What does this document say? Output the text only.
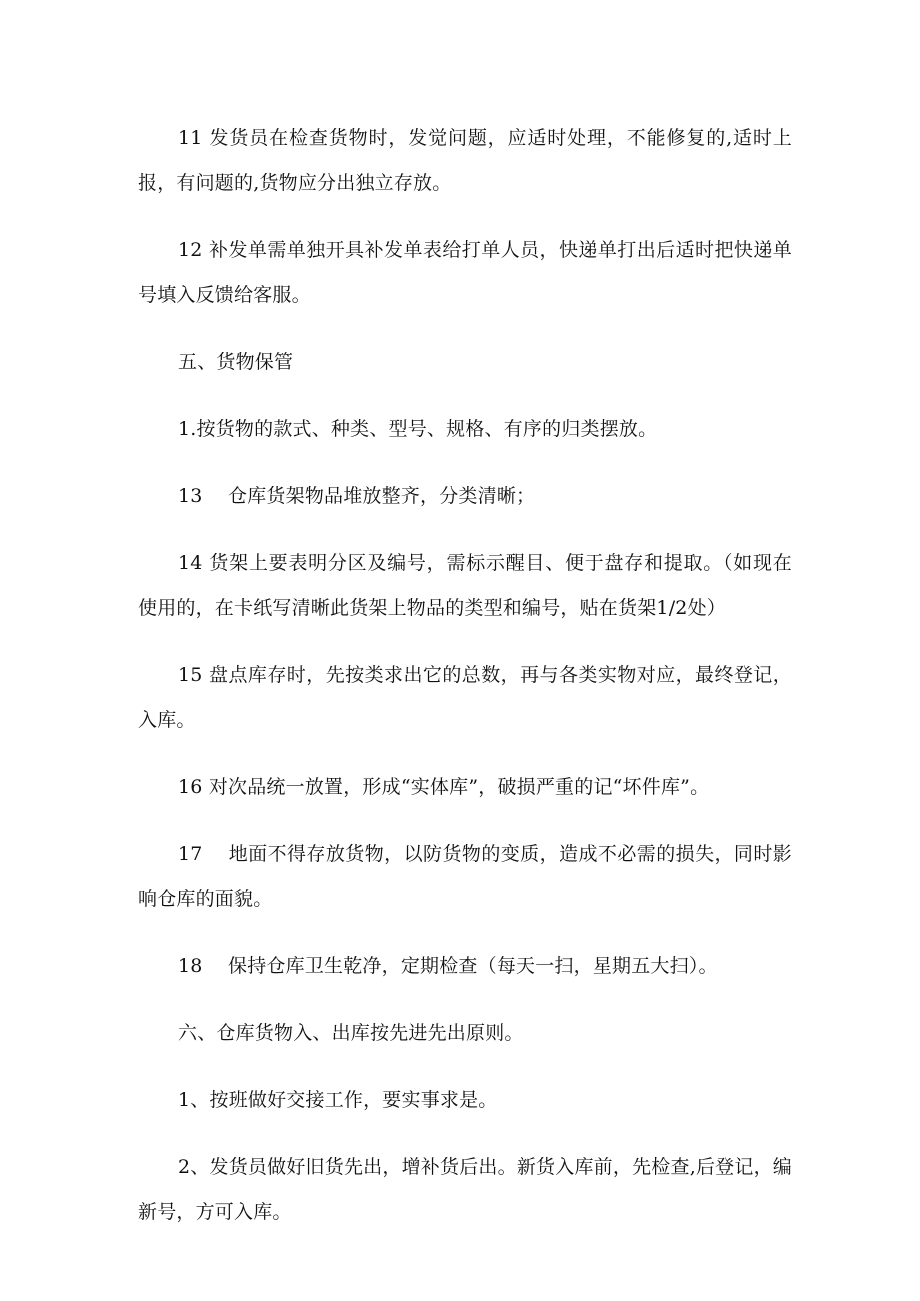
11 发货员在检查货物时，发觉问题，应适时处理，不能修复的,适时上报，有问题的,货物应分出独立存放。

12 补发单需单独开具补发单表给打单人员，快递单打出后适时把快递单号填入反馈给客服。

五、货物保管

1.按货物的款式、种类、型号、规格、有序的归类摆放。

13　 仓库货架物品堆放整齐，分类清晰；

14 货架上要表明分区及编号，需标示醒目、便于盘存和提取。（如现在使用的，在卡纸写清晰此货架上物品的类型和编号，贴在货架1/2处）

15 盘点库存时，先按类求出它的总数，再与各类实物对应，最终登记，入库。

16 对次品统一放置，形成“实体库”，破损严重的记“坏件库”。

17　 地面不得存放货物，以防货物的变质，造成不必需的损失，同时影响仓库的面貌。

18　 保持仓库卫生乾净，定期检查（每天一扫，星期五大扫）。

六、仓库货物入、出库按先进先出原则。

1、按班做好交接工作，要实事求是。

2、发货员做好旧货先出，增补货后出。新货入库前，先检查,后登记，编新号，方可入库。
